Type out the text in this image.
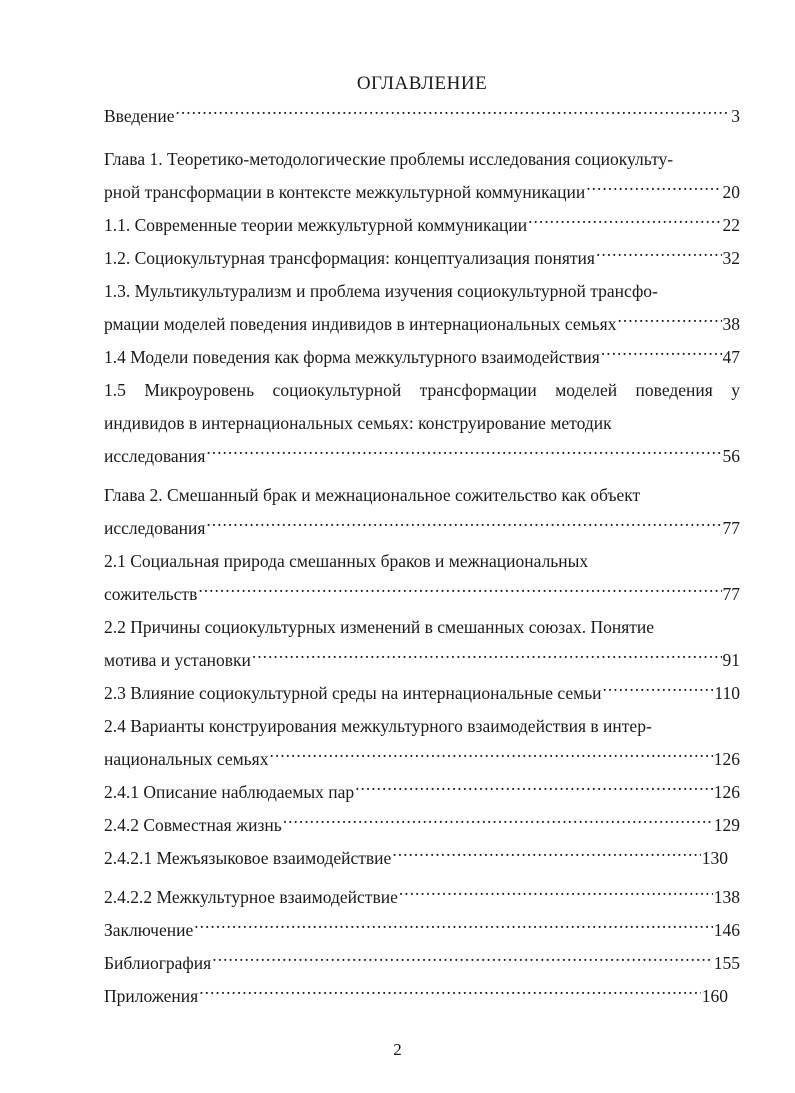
ОГЛАВЛЕНИЕ
Введение .....	3
Глава 1. Теоретико-методологические проблемы исследования социокульту-
рной трансформации в контексте межкультурной коммуникации .....	20
1.1. Современные теории межкультурной коммуникации .....	22
1.2. Социокультурная трансформация: концептуализация понятия .....	32
1.3. Мультикультурализм и проблема изучения социокультурной трансфо-
рмации моделей поведения индивидов в интернациональных семьях .....	38
1.4 Модели поведения как форма межкультурного взаимодействия .....	47
1.5 Микроуровень социокультурной трансформации моделей поведения у индивидов в интернациональных семьях: конструирование методик
исследования .....	56
Глава 2. Смешанный брак и межнациональное сожительство как объект
исследования .....	77
2.1 Социальная природа смешанных браков и межнациональных
сожительств .....	77
2.2 Причины социокультурных изменений в смешанных союзах. Понятие
мотива и установки .....	91
2.3 Влияние социокультурной среды на интернациональные семьи .....	110
2.4 Варианты конструирования межкультурного взаимодействия в интер-
национальных семьях .....	126
2.4.1 Описание наблюдаемых пар .....	126
2.4.2 Совместная жизнь .....	129
2.4.2.1 Межъязыковое взаимодействие .....	130
2.4.2.2 Межкультурное взаимодействие .....	138
Заключение .....	146
Библиография .....	155
Приложения .....	160
2
